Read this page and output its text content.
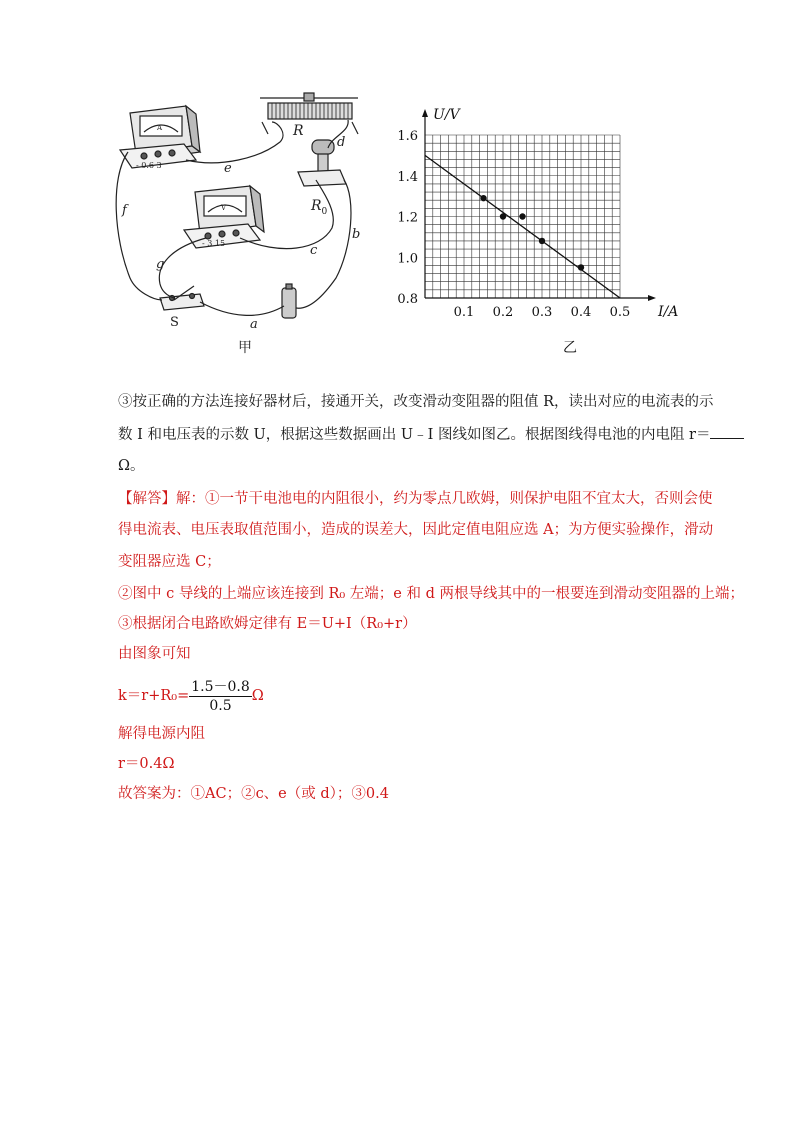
A
- 0.6 3
V
- 3 15
R
$R_0$
S	a
b
c
d
e
f
g
甲
0.1 0.2 0.3 0.4 0.5
0.8
1.0
1.2
1.4
1.6
I/A
U/V
乙
③按正确的方法连接好器材后，接通开关，改变滑动变阻器的阻值 R，读出对应的电流表的示
数 I 和电压表的示数 U，根据这些数据画出 U﹣I 图线如图乙。根据图线得电池的内电阻 r＝
Ω。
【解答】解：①一节干电池电的内阻很小，约为零点几欧姆，则保护电阻不宜太大，否则会使
得电流表、电压表取值范围小，造成的误差大，因此定值电阻应选 A；为方便实验操作，滑动
变阻器应选 C；
②图中 c 导线的上端应该连接到 R₀ 左端；e 和 d 两根导线其中的一根要连到滑动变阻器的上端；
③根据闭合电路欧姆定律有 E＝U+I（R₀+r）
由图象可知
$k=r+R_0= \frac{1.5-0.8}{0.5}$ Ω
解得电源内阻
r＝0.4Ω
故答案为：①AC；②c、e（或 d）；③0.4
